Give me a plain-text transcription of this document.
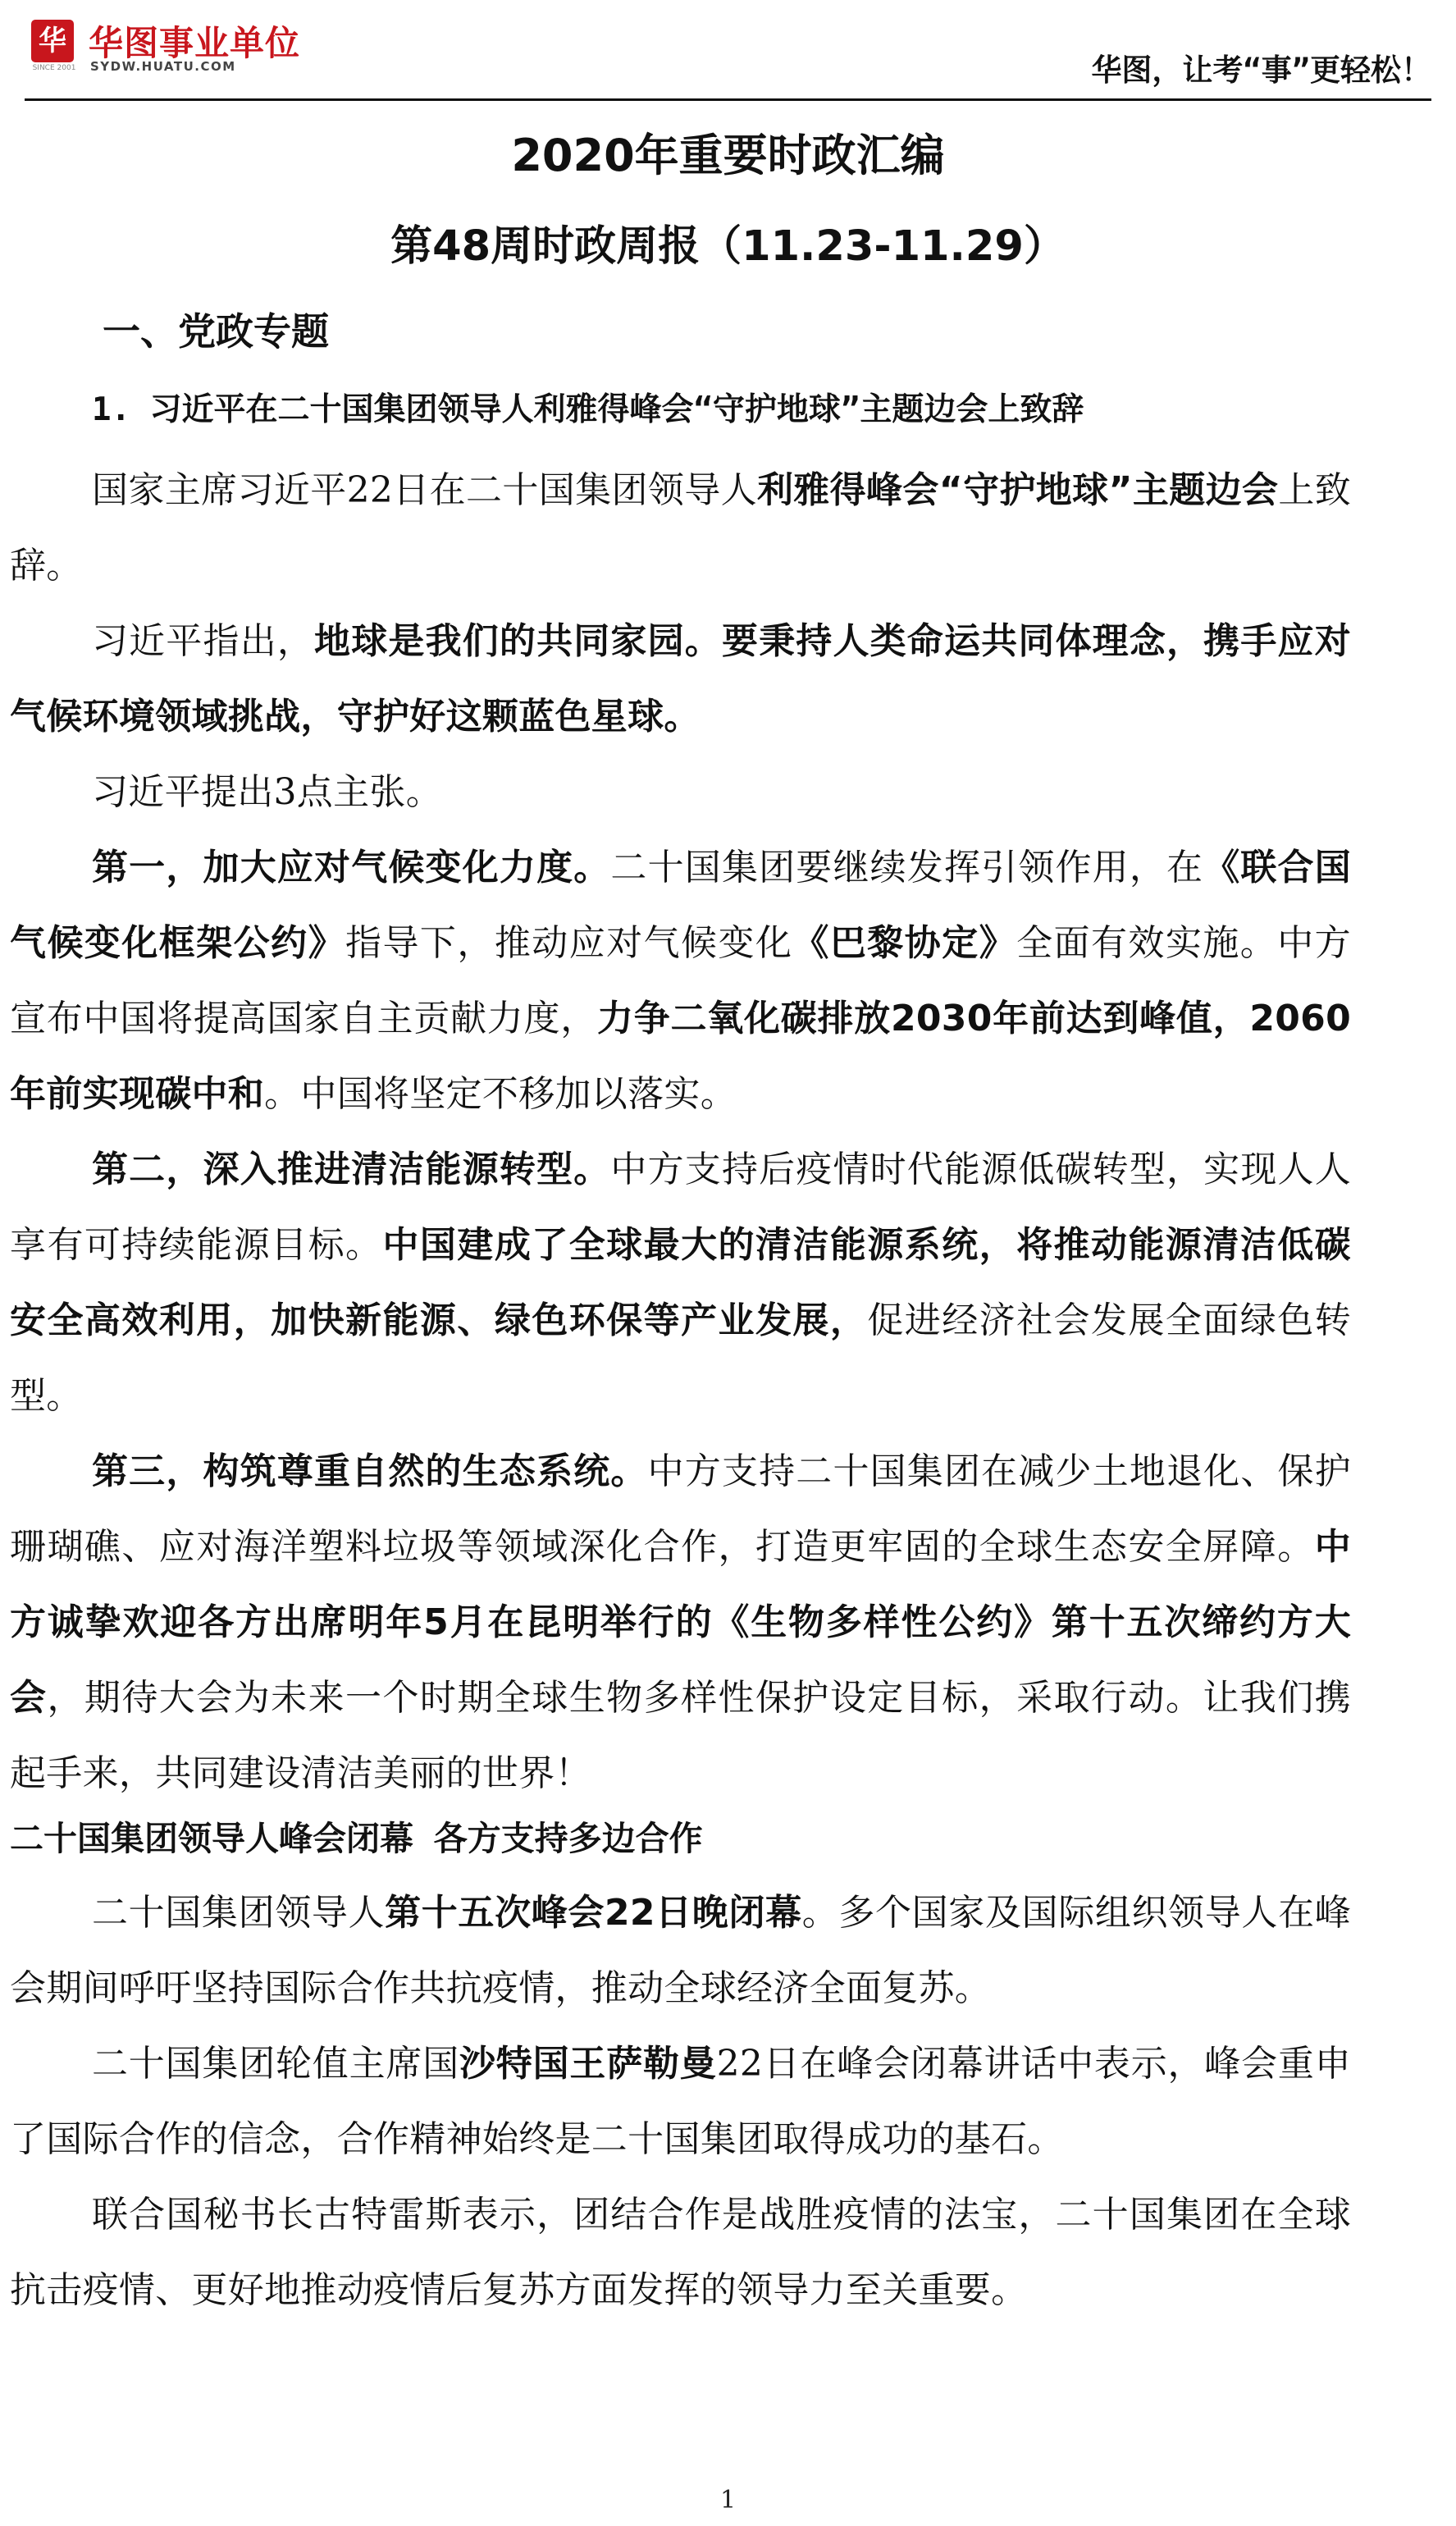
华
SINCE 2001
华图事业单位
SYDW.HUATU.COM	华图，让考“事”更轻松！
2020年重要时政汇编
第48周时政周报（11.23-11.29）
一、党政专题
1. 习近平在二十国集团领导人利雅得峰会“守护地球”主题边会上致辞

国家主席习近平22日在二十国集团领导人利雅得峰会“守护地球”主题边会上致辞。

习近平指出，地球是我们的共同家园。要秉持人类命运共同体理念，携手应对气候环境领域挑战，守护好这颗蓝色星球。

习近平提出3点主张。

第一，加大应对气候变化力度。二十国集团要继续发挥引领作用，在《联合国气候变化框架公约》指导下，推动应对气候变化《巴黎协定》全面有效实施。中方宣布中国将提高国家自主贡献力度，力争二氧化碳排放2030年前达到峰值，2060年前实现碳中和。中国将坚定不移加以落实。

第二，深入推进清洁能源转型。中方支持后疫情时代能源低碳转型，实现人人享有可持续能源目标。中国建成了全球最大的清洁能源系统，将推动能源清洁低碳安全高效利用，加快新能源、绿色环保等产业发展，促进经济社会发展全面绿色转型。

第三，构筑尊重自然的生态系统。中方支持二十国集团在减少土地退化、保护珊瑚礁、应对海洋塑料垃圾等领域深化合作，打造更牢固的全球生态安全屏障。中方诚挚欢迎各方出席明年5月在昆明举行的《生物多样性公约》第十五次缔约方大会，期待大会为未来一个时期全球生物多样性保护设定目标，采取行动。让我们携起手来，共同建设清洁美丽的世界！

二十国集团领导人峰会闭幕 各方支持多边合作

二十国集团领导人第十五次峰会22日晚闭幕。多个国家及国际组织领导人在峰会期间呼吁坚持国际合作共抗疫情，推动全球经济全面复苏。

二十国集团轮值主席国沙特国王萨勒曼22日在峰会闭幕讲话中表示，峰会重申了国际合作的信念，合作精神始终是二十国集团取得成功的基石。

联合国秘书长古特雷斯表示，团结合作是战胜疫情的法宝，二十国集团在全球抗击疫情、更好地推动疫情后复苏方面发挥的领导力至关重要。

1
